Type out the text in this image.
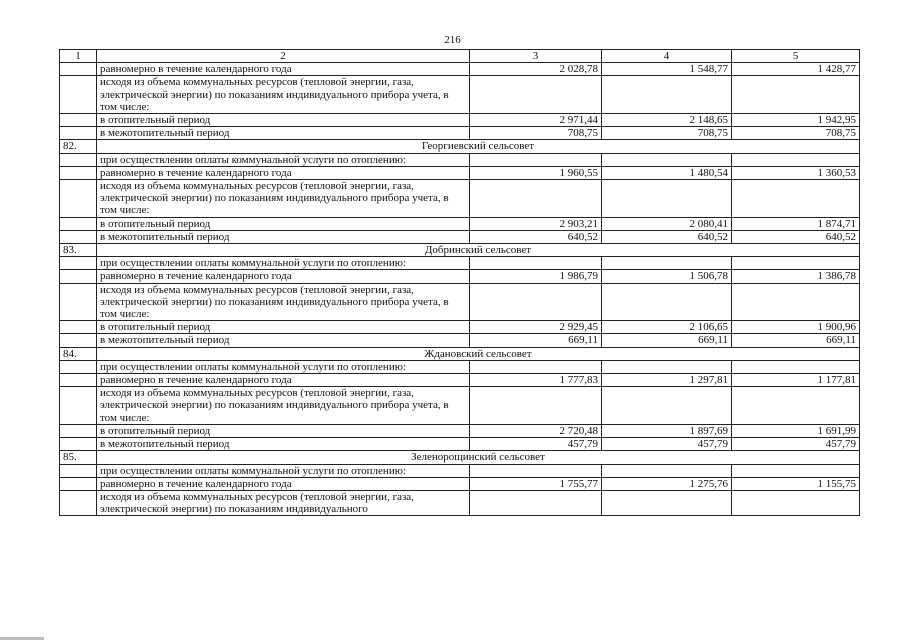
216
1	2	3	4	5
	равномерно в течение календарного года	2 028,78	1 548,77	1 428,77
	исходя из объема коммунальных ресурсов (тепловой энергии, газа, электрической энергии) по показаниям индивидуального прибора учета, в том числе:			
	в отопительный период	2 971,44	2 148,65	1 942,95
	в межотопительный период	708,75	708,75	708,75
82.	Георгиевский сельсовет			
	при осуществлении оплаты коммунальной услуги по отоплению:			
	равномерно в течение календарного года	1 960,55	1 480,54	1 360,53
	исходя из объема коммунальных ресурсов (тепловой энергии, газа, электрической энергии) по показаниям индивидуального прибора учета, в том числе:			
	в отопительный период	2 903,21	2 080,41	1 874,71
	в межотопительный период	640,52	640,52	640,52
83.	Добринский сельсовет			
	при осуществлении оплаты коммунальной услуги по отоплению:			
	равномерно в течение календарного года	1 986,79	1 506,78	1 386,78
	исходя из объема коммунальных ресурсов (тепловой энергии, газа, электрической энергии) по показаниям индивидуального прибора учета, в том числе:			
	в отопительный период	2 929,45	2 106,65	1 900,96
	в межотопительный период	669,11	669,11	669,11
84.	Ждановский сельсовет			
	при осуществлении оплаты коммунальной услуги по отоплению:			
	равномерно в течение календарного года	1 777,83	1 297,81	1 177,81
	исходя из объема коммунальных ресурсов (тепловой энергии, газа, электрической энергии) по показаниям индивидуального прибора учета, в том числе:			
	в отопительный период	2 720,48	1 897,69	1 691,99
	в межотопительный период	457,79	457,79	457,79
85.	Зеленорощинский сельсовет			
	при осуществлении оплаты коммунальной услуги по отоплению:			
	равномерно в течение календарного года	1 755,77	1 275,76	1 155,75
	исходя из объема коммунальных ресурсов (тепловой энергии, газа, электрической энергии) по показаниям индивидуального			
